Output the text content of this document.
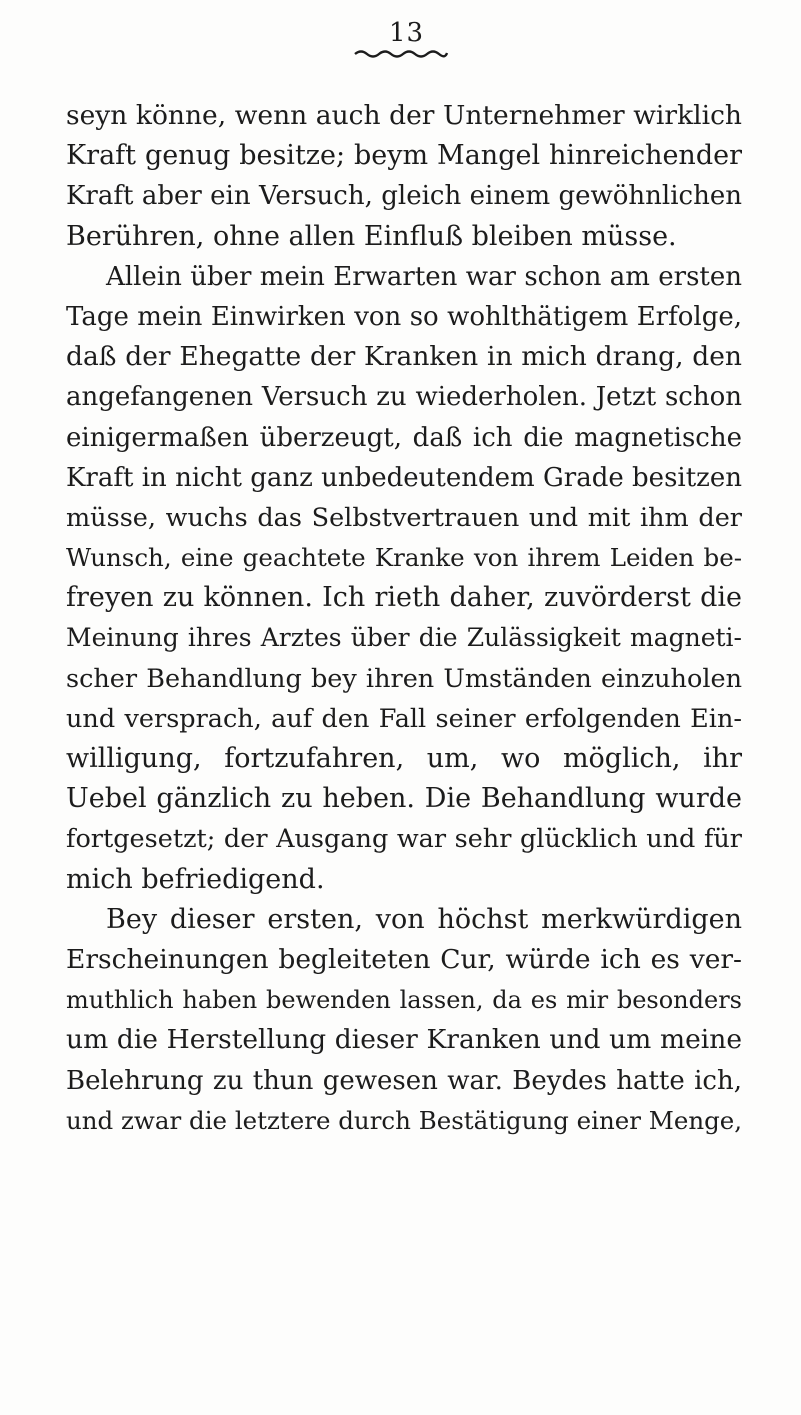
13
seyn könne, wenn auch der Unternehmer wirklich
Kraft genug besitze; beym Mangel hinreichender
Kraft aber ein Versuch, gleich einem gewöhnlichen
Berühren, ohne allen Einfluß bleiben müsse.
Allein über mein Erwarten war schon am ersten
Tage mein Einwirken von so wohlthätigem Erfolge,
daß der Ehegatte der Kranken in mich drang, den
angefangenen Versuch zu wiederholen. Jetzt schon
einigermaßen überzeugt, daß ich die magnetische
Kraft in nicht ganz unbedeutendem Grade besitzen
müsse, wuchs das Selbstvertrauen und mit ihm der
Wunsch, eine geachtete Kranke von ihrem Leiden be-
freyen zu können. Ich rieth daher, zuvörderst die
Meinung ihres Arztes über die Zulässigkeit magneti-
scher Behandlung bey ihren Umständen einzuholen
und versprach, auf den Fall seiner erfolgenden Ein-
willigung, fortzufahren, um, wo möglich, ihr
Uebel gänzlich zu heben. Die Behandlung wurde
fortgesetzt; der Ausgang war sehr glücklich und für
mich befriedigend.
Bey dieser ersten, von höchst merkwürdigen
Erscheinungen begleiteten Cur, würde ich es ver-
muthlich haben bewenden lassen, da es mir besonders
um die Herstellung dieser Kranken und um meine
Belehrung zu thun gewesen war. Beydes hatte ich,
und zwar die letztere durch Bestätigung einer Menge,
